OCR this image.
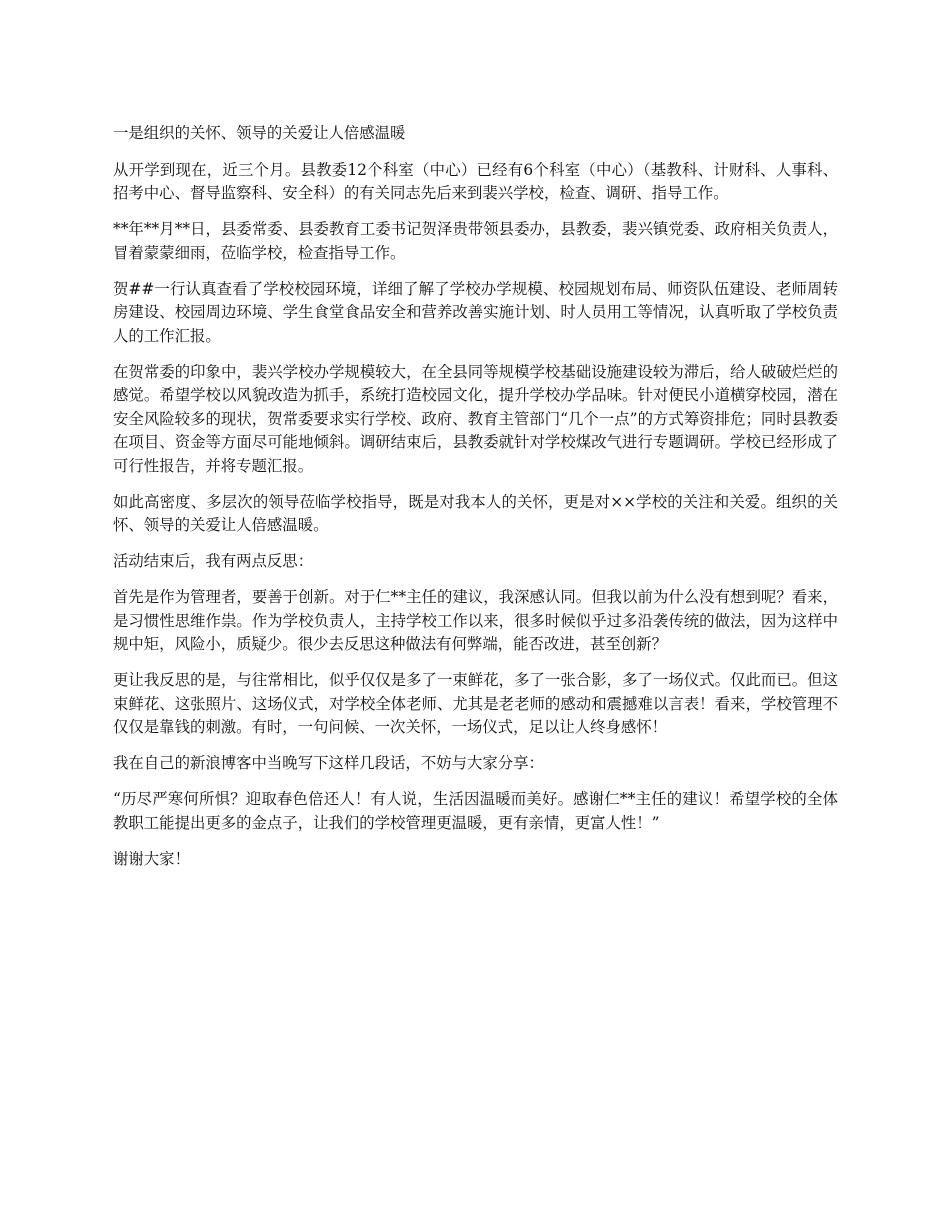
一是组织的关怀、领导的关爱让人倍感温暖

从开学到现在，近三个月。县教委12个科室（中心）已经有6个科室（中心）（基教科、计财科、人事科、招考中心、督导监察科、安全科）的有关同志先后来到裴兴学校，检查、调研、指导工作。

**年**月**日，县委常委、县委教育工委书记贺泽贵带领县委办，县教委，裴兴镇党委、政府相关负责人，冒着蒙蒙细雨，莅临学校，检查指导工作。

贺##一行认真查看了学校校园环境，详细了解了学校办学规模、校园规划布局、师资队伍建设、老师周转房建设、校园周边环境、学生食堂食品安全和营养改善实施计划、时人员用工等情况，认真听取了学校负责人的工作汇报。

在贺常委的印象中，裴兴学校办学规模较大，在全县同等规模学校基础设施建设较为滞后，给人破破烂烂的感觉。希望学校以风貌改造为抓手，系统打造校园文化，提升学校办学品味。针对便民小道横穿校园，潜在安全风险较多的现状，贺常委要求实行学校、政府、教育主管部门“几个一点”的方式筹资排危；同时县教委在项目、资金等方面尽可能地倾斜。调研结束后，县教委就针对学校煤改气进行专题调研。学校已经形成了可行性报告，并将专题汇报。

如此高密度、多层次的领导莅临学校指导，既是对我本人的关怀，更是对××学校的关注和关爱。组织的关怀、领导的关爱让人倍感温暖。

活动结束后，我有两点反思：

首先是作为管理者，要善于创新。对于仁**主任的建议，我深感认同。但我以前为什么没有想到呢？看来，是习惯性思维作祟。作为学校负责人，主持学校工作以来，很多时候似乎过多沿袭传统的做法，因为这样中规中矩，风险小，质疑少。很少去反思这种做法有何弊端，能否改进，甚至创新？

更让我反思的是，与往常相比，似乎仅仅是多了一束鲜花，多了一张合影，多了一场仪式。仅此而已。但这束鲜花、这张照片、这场仪式，对学校全体老师、尤其是老老师的感动和震撼难以言表！看来，学校管理不仅仅是靠钱的刺激。有时，一句问候、一次关怀，一场仪式，足以让人终身感怀！

我在自己的新浪博客中当晚写下这样几段话，不妨与大家分享：

“历尽严寒何所惧？迎取春色倍还人！有人说，生活因温暖而美好。感谢仁**主任的建议！希望学校的全体教职工能提出更多的金点子，让我们的学校管理更温暖，更有亲情，更富人性！”

谢谢大家！
